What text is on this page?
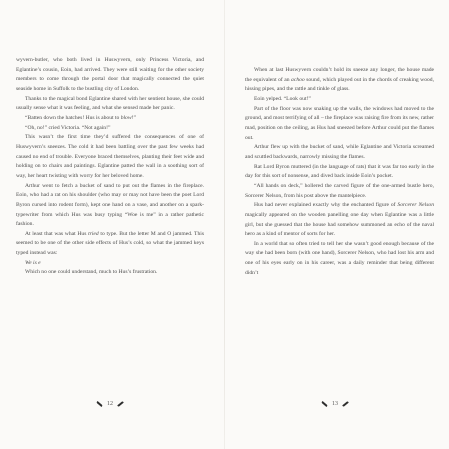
wyvern-butler, who both lived in Huswyvern, only Princess Victoria, and Eglantine’s cousin, Eoin, had arrived. They were still waiting for the other society members to come through the portal door that magically connected the quiet seaside home in Suffolk to the bustling city of London.

Thanks to the magical bond Eglantine shared with her sentient house, she could usually sense what it was feeling, and what she sensed made her panic.

“Batten down the hatches! Hus is about to blow!”

“Oh, no!” cried Victoria. “Not again!”

This wasn’t the first time they’d suffered the consequences of one of Huswyvern’s sneezes. The cold it had been battling over the past few weeks had caused no end of trouble. Everyone braced themselves, planting their feet wide and holding on to chairs and paintings. Eglantine patted the wall in a soothing sort of way, her heart twisting with worry for her beloved home.

Arthur went to fetch a bucket of sand to put out the flames in the fireplace. Eoin, who had a rat on his shoulder (who may or may not have been the poet Lord Byron cursed into rodent form), kept one hand on a vase, and another on a spark-typewriter from which Hus was busy typing “Woe is me” in a rather pathetic fashion.

At least that was what Hus tried to type. But the letter M and O jammed. This seemed to be one of the other side effects of Hus’s cold, so what the jammed keys typed instead was:

We is e

Which no one could understand, much to Hus’s frustration.

12

When at last Huswyvern couldn’t hold its sneeze any longer, the house made the equivalent of an achoo sound, which played out in the chords of creaking wood, hissing pipes, and the rattle and tinkle of glass.

Eoin yelped. “Look out!”

Part of the floor was now snaking up the walls, the windows had moved to the ground, and most terrifying of all – the fireplace was raising fire from its new, rather mad, position on the ceiling, as Hus had sneezed before Arthur could put the flames out.

Arthur flew up with the bucket of sand, while Eglantine and Victoria screamed and scuttled backwards, narrowly missing the flames.

Rat Lord Byron muttered (in the language of rats) that it was far too early in the day for this sort of nonsense, and dived back inside Eoin’s pocket.

“All hands on deck,” hollered the carved figure of the one-armed bustle hero, Sorcerer Nelson, from his post above the mantelpiece.

Hus had never explained exactly why the enchanted figure of Sorcerer Nelson magically appeared on the wooden panelling one day when Eglantine was a little girl, but she guessed that the house had somehow summoned an echo of the naval hero as a kind of mentor of sorts for her.

In a world that so often tried to tell her she wasn’t good enough because of the way she had been born (with one hand), Sorcerer Nelson, who had lost his arm and one of his eyes early on in his career, was a daily reminder that being different didn’t

13
